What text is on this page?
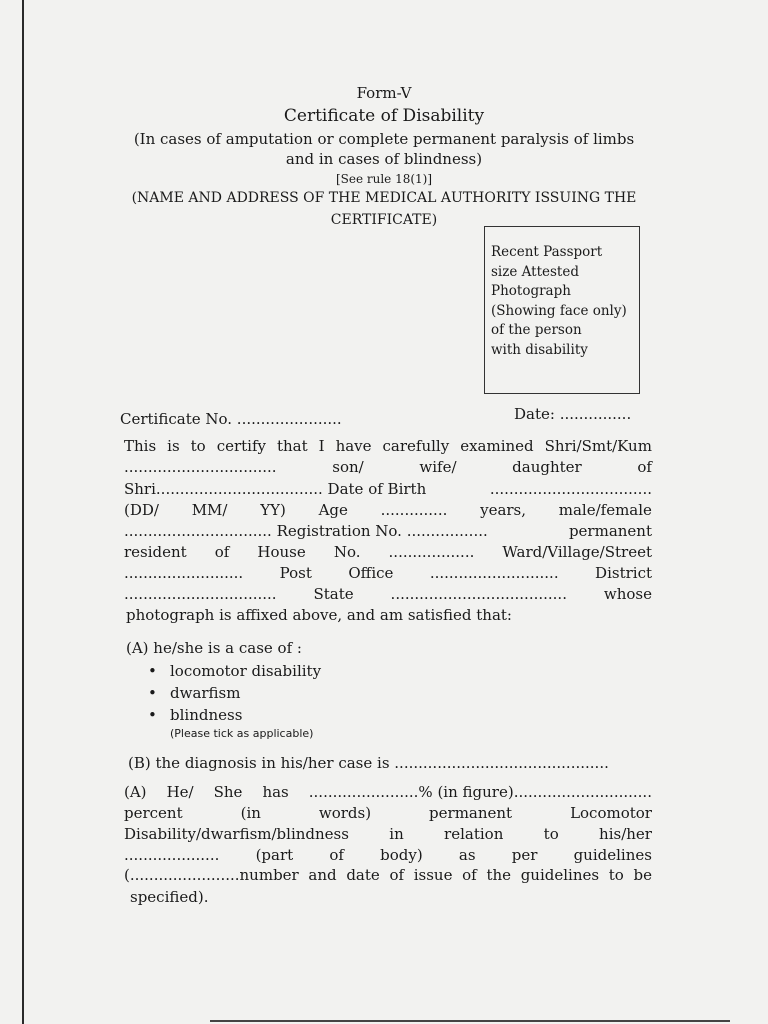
Form-V
Certificate of Disability
(In cases of amputation or complete permanent paralysis of limbs
and in cases of blindness)
[See rule 18(1)]
(NAME AND ADDRESS OF THE MEDICAL AUTHORITY ISSUING THE
CERTIFICATE)
Recent Passport
size Attested
Photograph
(Showing face only)
of the person
with disability
Certificate No. ......................	Date: ...............
This is to certify that I have carefully examined Shri/Smt/Kum
................................	son/	wife/	daughter	of
Shri................................... Date of Birth	..................................
(DD/ MM/ YY) Age .............. years, male/female
............................... Registration No. .................	permanent
resident of House No. .................. Ward/Village/Street
......................... Post Office ........................... District
................................ State ..................................... whose
photograph is affixed above, and am satisfied that:
(A) he/she is a case of :
• locomotor disability
• dwarfism
• blindness
(Please tick as applicable)
(B) the diagnosis in his/her case is .............................................
(A) He/ She has .......................% (in figure).............................
percent	(in	words)	permanent	Locomotor
Disability/dwarfism/blindness	in	relation	to	his/her
.................... (part of body) as per guidelines
(.......................number and date of issue of the guidelines to be
specified).
